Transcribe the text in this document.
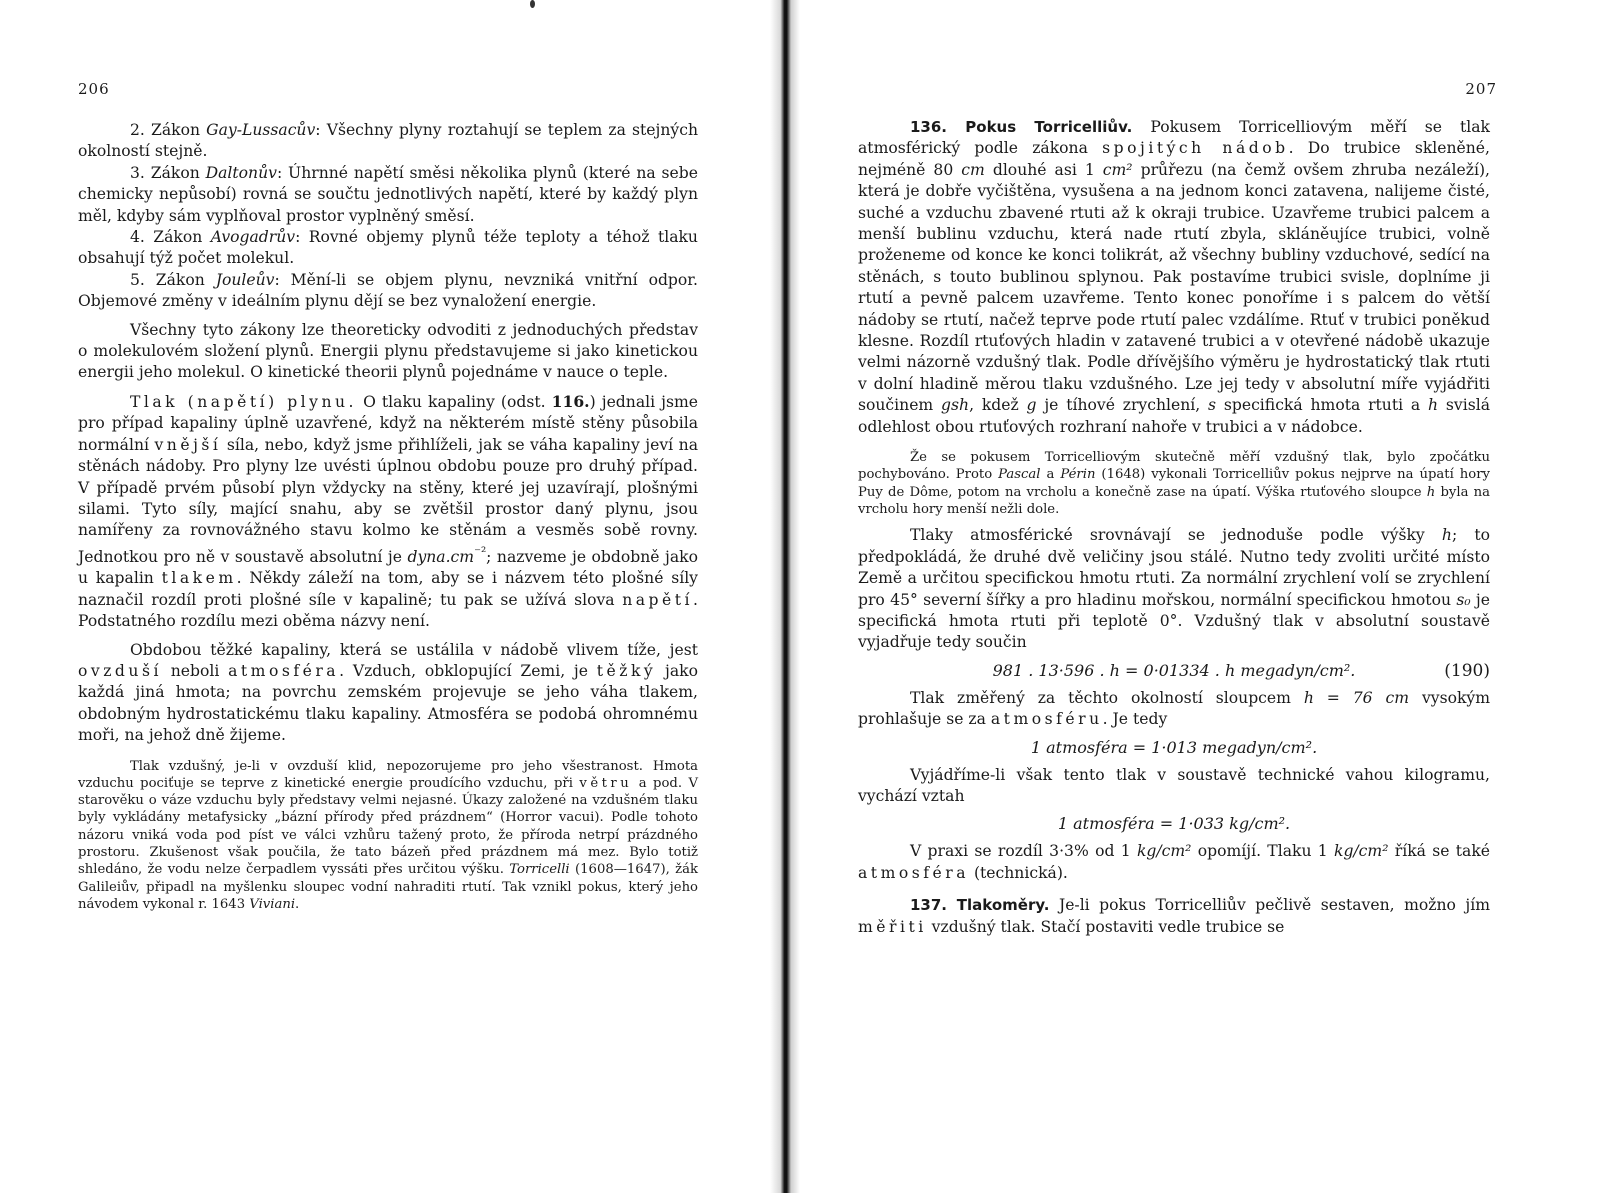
206

2. Zákon Gay-Lussacův: Všechny plyny roztahují se teplem za stejných okolností stejně.

3. Zákon Daltonův: Úhrnné napětí směsi několika plynů (které na sebe chemicky nepůsobí) rovná se součtu jednotlivých napětí, které by každý plyn měl, kdyby sám vyplňoval prostor vyplněný směsí.

4. Zákon Avogadrův: Rovné objemy plynů téže teploty a téhož tlaku obsahují týž počet molekul.

5. Zákon Jouleův: Mění-li se objem plynu, nevzniká vnitřní odpor. Objemové změny v ideálním plynu dějí se bez vynaložení energie.

Všechny tyto zákony lze theoreticky odvoditi z jednoduchých představ o molekulovém složení plynů. Energii plynu představujeme si jako kinetickou energii jeho molekul. O kinetické theorii plynů pojednáme v nauce o teple.

Tlak (napětí) plynu. O tlaku kapaliny (odst. 116.) jednali jsme pro případ kapaliny úplně uzavřené, když na některém místě stěny působila normální vnější síla, nebo, když jsme přihlíželi, jak se váha kapaliny jeví na stěnách nádoby. Pro plyny lze uvésti úplnou obdobu pouze pro druhý případ. V případě prvém působí plyn vždycky na stěny, které jej uzavírají, plošnými silami. Tyto síly, mající snahu, aby se zvětšil prostor daný plynu, jsou namířeny za rovnovážného stavu kolmo ke stěnám a vesměs sobě rovny. Jednotkou pro ně v soustavě absolutní je $dyna.cm^{^{-2}}$; nazveme je obdobně jako u kapalin tlakem. Někdy záleží na tom, aby se i názvem této plošné síly naznačil rozdíl proti plošné síle v kapalině; tu pak se užívá slova napětí. Podstatného rozdílu mezi oběma názvy není.

Obdobou těžké kapaliny, která se ustálila v nádobě vlivem tíže, jest ovzduší neboli atmosféra. Vzduch, obklopující Zemi, je těžký jako každá jiná hmota; na povrchu zemském projevuje se jeho váha tlakem, obdobným hydrostatickému tlaku kapaliny. Atmosféra se podobá ohromnému moři, na jehož dně žijeme.

Tlak vzdušný, je-li v ovzduší klid, nepozorujeme pro jeho všestranost. Hmota vzduchu pociťuje se teprve z kinetické energie proudícího vzduchu, při větru a pod. V starověku o váze vzduchu byly představy velmi nejasné. Úkazy založené na vzdušném tlaku byly vykládány metafysicky „bázní přírody před prázdnem“ (Horror vacui). Podle tohoto názoru vniká voda pod píst ve válci vzhůru tažený proto, že příroda netrpí prázdného prostoru. Zkušenost však poučila, že tato bázeň před prázdnem má mez. Bylo totiž shledáno, že vodu nelze čerpadlem vyssáti přes určitou výšku. Torricelli (1608—1647), žák Galileiův, připadl na myšlenku sloupec vodní nahraditi rtutí. Tak vznikl pokus, který jeho návodem vykonal r. 1643 Viviani.

207

136. Pokus Torricelliův. Pokusem Torricelliovým měří se tlak atmosférický podle zákona spojitých nádob. Do trubice skleněné, nejméně 80 cm dlouhé asi 1 cm² průřezu (na čemž ovšem zhruba nezáleží), která je dobře vyčištěna, vysušena a na jednom konci zatavena, nalijeme čisté, suché a vzduchu zbavené rtuti až k okraji trubice. Uzavřeme trubici palcem a menší bublinu vzduchu, která nade rtutí zbyla, skláněujíce trubici, volně proženeme od konce ke konci tolikrát, až všechny bubliny vzduchové, sedící na stěnách, s touto bublinou splynou. Pak postavíme trubici svisle, doplníme ji rtutí a pevně palcem uzavřeme. Tento konec ponoříme i s palcem do větší nádoby se rtutí, načež teprve pode rtutí palec vzdálíme. Rtuť v trubici poněkud klesne. Rozdíl rtuťových hladin v zatavené trubici a v otevřené nádobě ukazuje velmi názorně vzdušný tlak. Podle dřívějšího výměru je hydrostatický tlak rtuti v dolní hladině měrou tlaku vzdušného. Lze jej tedy v absolutní míře vyjádřiti součinem gsh, kdež g je tíhové zrychlení, s specifická hmota rtuti a h svislá odlehlost obou rtuťových rozhraní nahoře v trubici a v nádobce.

Že se pokusem Torricelliovým skutečně měří vzdušný tlak, bylo zpočátku pochybováno. Proto Pascal a Périn (1648) vykonali Torricelliův pokus nejprve na úpatí hory Puy de Dôme, potom na vrcholu a konečně zase na úpatí. Výška rtuťového sloupce h byla na vrcholu hory menší nežli dole.

Tlaky atmosférické srovnávají se jednoduše podle výšky h; to předpokládá, že druhé dvě veličiny jsou stálé. Nutno tedy zvoliti určité místo Země a určitou specifickou hmotu rtuti. Za normální zrychlení volí se zrychlení pro 45° severní šířky a pro hladinu mořskou, normální specifickou hmotou s₀ je specifická hmota rtuti při teplotě 0°. Vzdušný tlak v absolutní soustavě vyjadřuje tedy součin

981 . 13·596 . h = 0·01334 . h megadyn/cm².	(190)

Tlak změřený za těchto okolností sloupcem h = 76 cm vysokým prohlašuje se za atmosféru. Je tedy

1 atmosféra = 1·013 megadyn/cm².

Vyjádříme-li však tento tlak v soustavě technické vahou kilogramu, vychází vztah

1 atmosféra = 1·033 kg/cm².

V praxi se rozdíl 3·3% od 1 kg/cm² opomíjí. Tlaku 1 kg/cm² říká se také atmosféra (technická).

137. Tlakoměry. Je-li pokus Torricelliův pečlivě sestaven, možno jím měřiti vzdušný tlak. Stačí postaviti vedle trubice se
